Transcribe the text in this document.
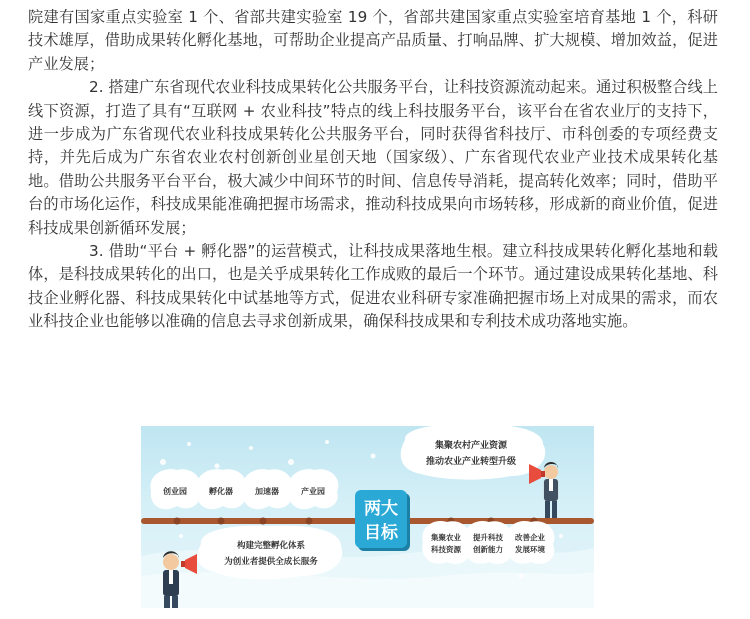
院建有国家重点实验室 1 个、省部共建实验室 19 个，省部共建国家重点实验室培育基地 1 个，科研技术雄厚，借助成果转化孵化基地，可帮助企业提高产品质量、打响品牌、扩大规模、增加效益，促进产业发展；

2. 搭建广东省现代农业科技成果转化公共服务平台，让科技资源流动起来。通过积极整合线上线下资源，打造了具有“互联网 + 农业科技”特点的线上科技服务平台，该平台在省农业厅的支持下，进一步成为广东省现代农业科技成果转化公共服务平台，同时获得省科技厅、市科创委的专项经费支持，并先后成为广东省农业农村创新创业星创天地（国家级）、广东省现代农业产业技术成果转化基地。借助公共服务平台平台，极大减少中间环节的时间、信息传导消耗，提高转化效率；同时，借助平台的市场化运作，科技成果能准确把握市场需求，推动科技成果向市场转移，形成新的商业价值，促进科技成果创新循环发展；

3. 借助“平台 + 孵化器”的运营模式，让科技成果落地生根。建立科技成果转化孵化基地和载体，是科技成果转化的出口，也是关乎成果转化工作成败的最后一个环节。通过建设成果转化基地、科技企业孵化器、科技成果转化中试基地等方式，促进农业科研专家准确把握市场上对成果的需求，而农业科技企业也能够以准确的信息去寻求创新成果，确保科技成果和专利技术成功落地实施。

创业园	孵化器	加速器	产业园
集聚农村产业资源
推动农业产业转型升级
两大
目标	集聚农业
科技资源
提升科技
创新能力
改善企业
发展环境
构建完整孵化体系
为创业者提供全成长服务
